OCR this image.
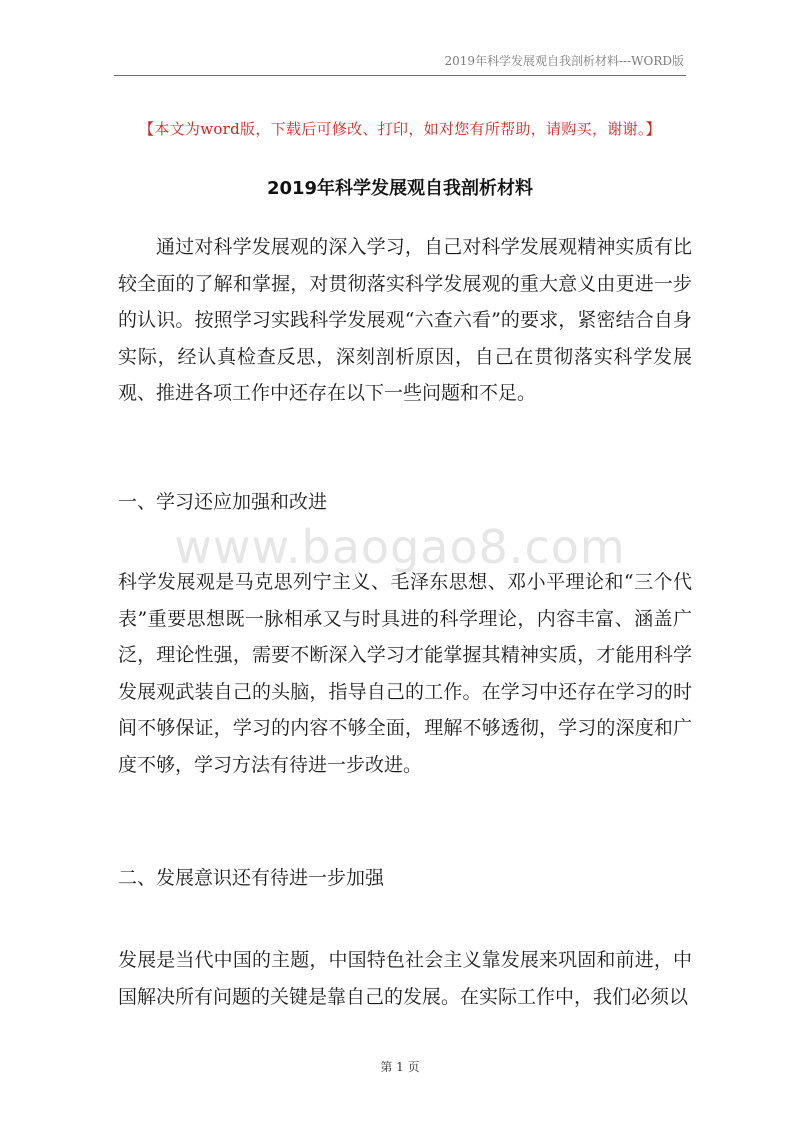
2019年科学发展观自我剖析材料---WORD版
【本文为word版，下载后可修改、打印，如对您有所帮助，请购买，谢谢。】
2019年科学发展观自我剖析材料
通过对科学发展观的深入学习，自己对科学发展观精神实质有比较全面的了解和掌握，对贯彻落实科学发展观的重大意义由更进一步的认识。按照学习实践科学发展观“六查六看”的要求，紧密结合自身实际，经认真检查反思，深刻剖析原因，自己在贯彻落实科学发展观、推进各项工作中还存在以下一些问题和不足。
一、学习还应加强和改进
www.baogao8.com
科学发展观是马克思列宁主义、毛泽东思想、邓小平理论和“三个代表”重要思想既一脉相承又与时具进的科学理论，内容丰富、涵盖广泛，理论性强，需要不断深入学习才能掌握其精神实质，才能用科学发展观武装自己的头脑，指导自己的工作。在学习中还存在学习的时间不够保证，学习的内容不够全面，理解不够透彻，学习的深度和广度不够，学习方法有待进一步改进。
二、发展意识还有待进一步加强
发展是当代中国的主题，中国特色社会主义靠发展来巩固和前进，中国解决所有问题的关键是靠自己的发展。在实际工作中，我们必须以
第 1 页
